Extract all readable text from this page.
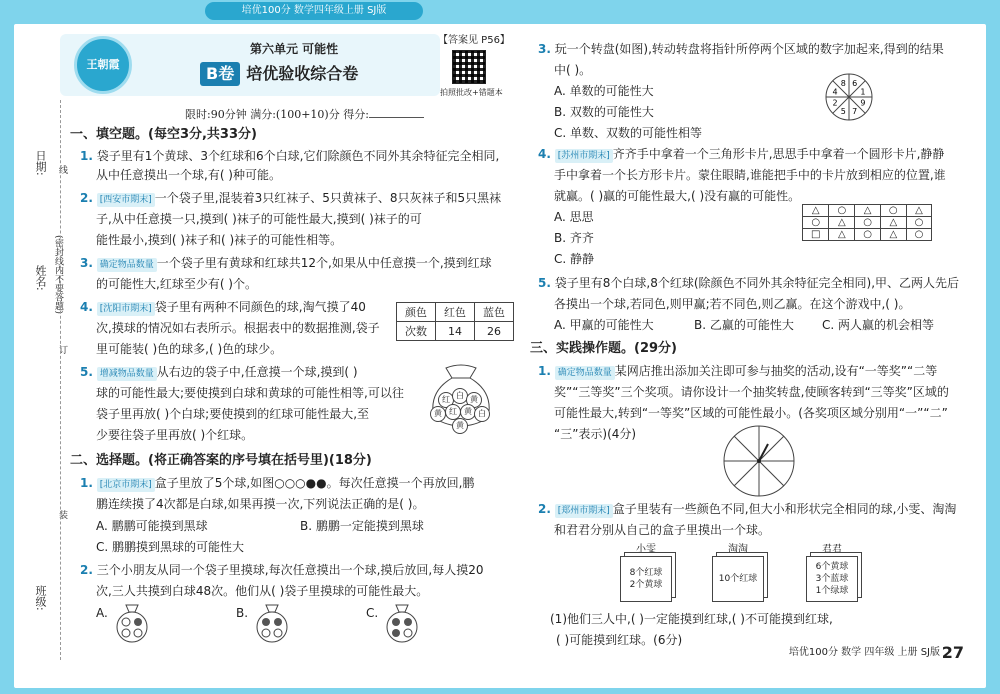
培优100分 数学四年级上册 SJ版
日期:
姓名:
班级:
(密封线内不要答题)
线
订
装
王朝霞
第六单元 可能性
B卷 培优验收综合卷
【答案见 P56】
拍照批改+错题本
限时:90分钟 满分:(100+10)分 得分:
一、填空题。(每空3分,共33分)
1. 袋子里有1个黄球、3个红球和6个白球,它们除颜色不同外其余特征完全相同,
从中任意摸出一个球,有( )种可能。
2. [西安市期末] 一个袋子里,混装着3只红袜子、5只黄袜子、8只灰袜子和5只黑袜
子,从中任意摸一只,摸到( )袜子的可能性最大,摸到( )袜子的可
能性最小,摸到( )袜子和( )袜子的可能性相等。
3. 确定物品数量 一个袋子里有黄球和红球共12个,如果从中任意摸一个,摸到红球
的可能性大,红球至少有( )个。
4. [沈阳市期末] 袋子里有两种不同颜色的球,淘气摸了40
次,摸球的情况如右表所示。根据表中的数据推测,袋子
里可能装( )色的球多,( )色的球少。
颜色	红色	蓝色
次数	14	26
5. 增减物品数量 从右边的袋子中,任意摸一个球,摸到( )
球的可能性最大;要使摸到白球和黄球的可能性相等,可以往
袋子里再放( )个白球;要使摸到的红球可能性最大,至
少要往袋子里再放( )个红球。
红 白 黄
黄 红 黄 白
黄
二、选择题。(将正确答案的序号填在括号里)(18分)
1. [北京市期末] 盒子里放了5个球,如图○○○●●。每次任意摸一个再放回,鹏
鹏连续摸了4次都是白球,如果再摸一次,下列说法正确的是( )。
A. 鹏鹏可能摸到黑球	B. 鹏鹏一定能摸到黑球
C. 鹏鹏摸到黑球的可能性大
2. 三个小朋友从同一个袋子里摸球,每次任意摸出一个球,摸后放回,每人摸20
次,三人共摸到白球48次。他们从( )袋子里摸球的可能性最大。
A.	B.	C.
3. 玩一个转盘(如图),转动转盘将指针所停两个区域的数字加起来,得到的结果
中( )。
A. 单数的可能性大
B. 双数的可能性大
C. 单数、双数的可能性相等
6
1
9
7
5
2
4
8
4. [苏州市期末] 齐齐手中拿着一个三角形卡片,思思手中拿着一个圆形卡片,静静
手中拿着一个长方形卡片。蒙住眼睛,谁能把手中的卡片放到相应的位置,谁
就赢。( )赢的可能性最大,( )没有赢的可能性。
A. 思思
B. 齐齐
C. 静静
△	○	△	○	△
○	△	○	△	○
□	△	○	△	○
5. 袋子里有8个白球,8个红球(除颜色不同外其余特征完全相同),甲、乙两人先后
各摸出一个球,若同色,则甲赢;若不同色,则乙赢。在这个游戏中,( )。
A. 甲赢的可能性大	B. 乙赢的可能性大 C. 两人赢的机会相等
三、实践操作题。(29分)
1. 确定物品数量 某网店推出添加关注即可参与抽奖的活动,设有“一等奖”“二等
奖”“三等奖”三个奖项。请你设计一个抽奖转盘,使顾客转到“三等奖”区域的
可能性最大,转到“一等奖”区域的可能性最小。(各奖项区域分别用“一”“二”
“三”表示)(4分)
2. [郑州市期末] 盒子里装有一些颜色不同,但大小和形状完全相同的球,小雯、淘淘
和君君分别从自己的盒子里摸出一个球。
小雯
8个红球
2个黄球
淘淘
10个红球
君君
6个黄球
3个蓝球
1个绿球
(1)他们三人中,( )一定能摸到红球,( )不可能摸到红球,
( )可能摸到红球。(6分)
培优100分 数学 四年级 上册 SJ版 27
